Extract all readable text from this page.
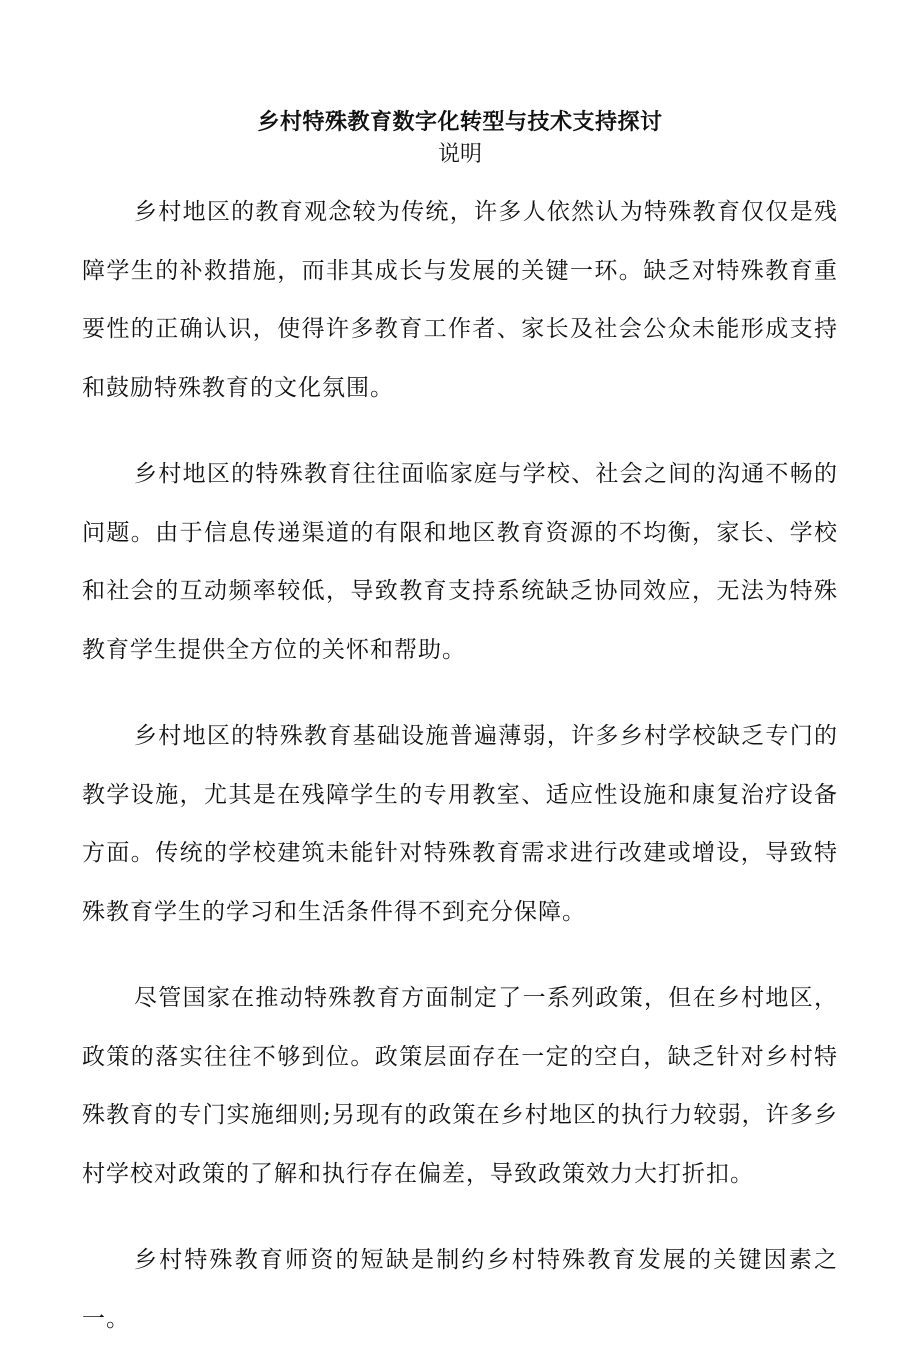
乡村特殊教育数字化转型与技术支持探讨
说明

乡村地区的教育观念较为传统，许多人依然认为特殊教育仅仅是残障学生的补救措施，而非其成长与发展的关键一环。缺乏对特殊教育重要性的正确认识，使得许多教育工作者、家长及社会公众未能形成支持和鼓励特殊教育的文化氛围。

乡村地区的特殊教育往往面临家庭与学校、社会之间的沟通不畅的问题。由于信息传递渠道的有限和地区教育资源的不均衡，家长、学校和社会的互动频率较低，导致教育支持系统缺乏协同效应，无法为特殊教育学生提供全方位的关怀和帮助。

乡村地区的特殊教育基础设施普遍薄弱，许多乡村学校缺乏专门的教学设施，尤其是在残障学生的专用教室、适应性设施和康复治疗设备方面。传统的学校建筑未能针对特殊教育需求进行改建或增设，导致特殊教育学生的学习和生活条件得不到充分保障。

尽管国家在推动特殊教育方面制定了一系列政策，但在乡村地区，政策的落实往往不够到位。政策层面存在一定的空白，缺乏针对乡村特殊教育的专门实施细则;另现有的政策在乡村地区的执行力较弱，许多乡村学校对政策的了解和执行存在偏差，导致政策效力大打折扣。

乡村特殊教育师资的短缺是制约乡村特殊教育发展的关键因素之一。
